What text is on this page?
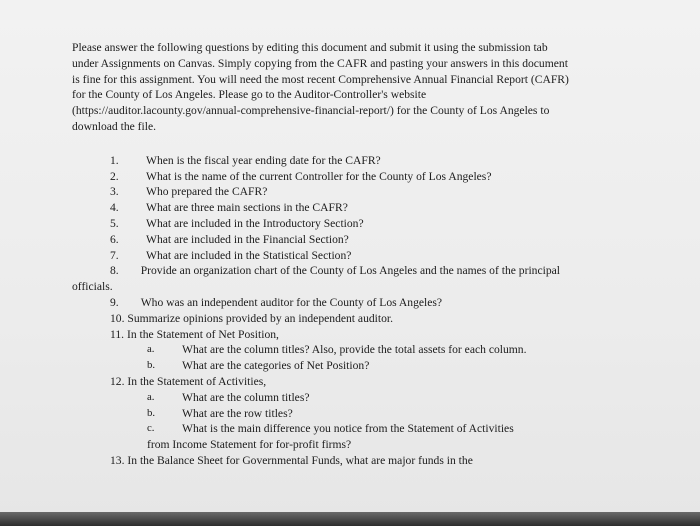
Please answer the following questions by editing this document and submit it using the submission tab under Assignments on Canvas. Simply copying from the CAFR and pasting your answers in this document is fine for this assignment. You will need the most recent Comprehensive Annual Financial Report (CAFR) for the County of Los Angeles. Please go to the Auditor-Controller's website (https://auditor.lacounty.gov/annual-comprehensive-financial-report/) for the County of Los Angeles to download the file.

1. When is the fiscal year ending date for the CAFR?
2. What is the name of the current Controller for the County of Los Angeles?
3. Who prepared the CAFR?
4. What are three main sections in the CAFR?
5. What are included in the Introductory Section?
6. What are included in the Financial Section?
7. What are included in the Statistical Section?
8. Provide an organization chart of the County of Los Angeles and the names of the principal officials.
9. Who was an independent auditor for the County of Los Angeles?
10. Summarize opinions provided by an independent auditor.
11. In the Statement of Net Position,
a. What are the column titles? Also, provide the total assets for each column.
b. What are the categories of Net Position?
12. In the Statement of Activities,
a. What are the column titles?
b. What are the row titles?
c. What is the main difference you notice from the Statement of Activities
from Income Statement for for-profit firms?
13. In the Balance Sheet for Governmental Funds, what are major funds in the
